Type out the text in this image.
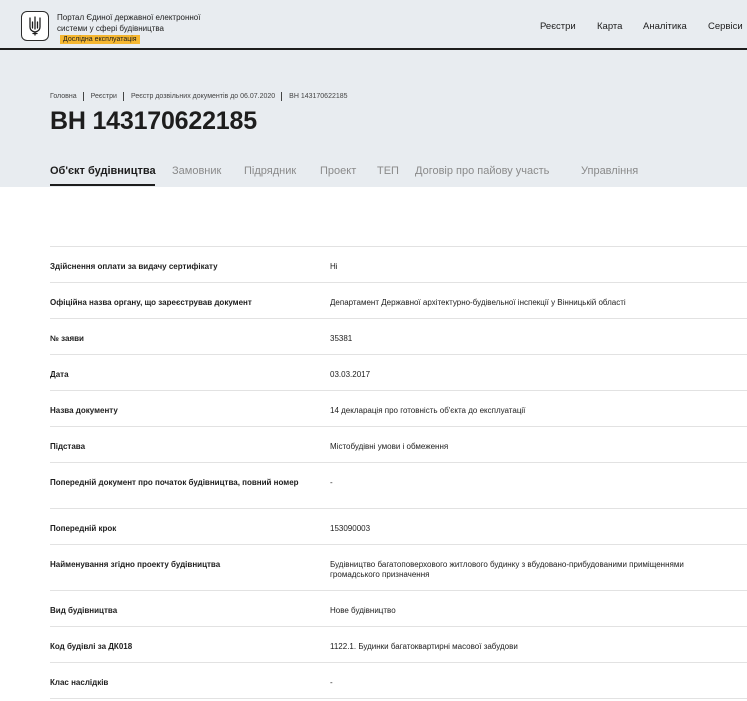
Портал Єдиної державної електронної системи у сфері будівництваДослідна експлуатація
Реєстри Карта Аналітика Сервіси
Головна Реєстри Реєстр дозвільних документів до 06.07.2020 ВН 143170622185
ВН 143170622185
Об'єкт будівництва Замовник Підрядник Проект ТЕП Договір про пайову участь	Управління
Здійснення оплати за видачу сертифікату	Ні
Офіційна назва органу, що зареєстрував документ	Департамент Державної архітектурно-будівельної інспекції у Вінницькій області
№ заяви	35381
Дата	03.03.2017
Назва документу	14 декларація про готовність об'єкта до експлуатації
Підстава	Містобудівні умови і обмеження
Попередній документ про початок будівництва, повний номер	-
Попередній крок	153090003
Найменування згідно проекту будівництва	Будівництво багатоповерхового житлового будинку з вбудовано-прибудованими приміщеннями громадського призначення
Вид будівництва	Нове будівництво
Код будівлі за ДК018	1122.1. Будинки багатоквартирні масової забудови
Клас наслідків	-
